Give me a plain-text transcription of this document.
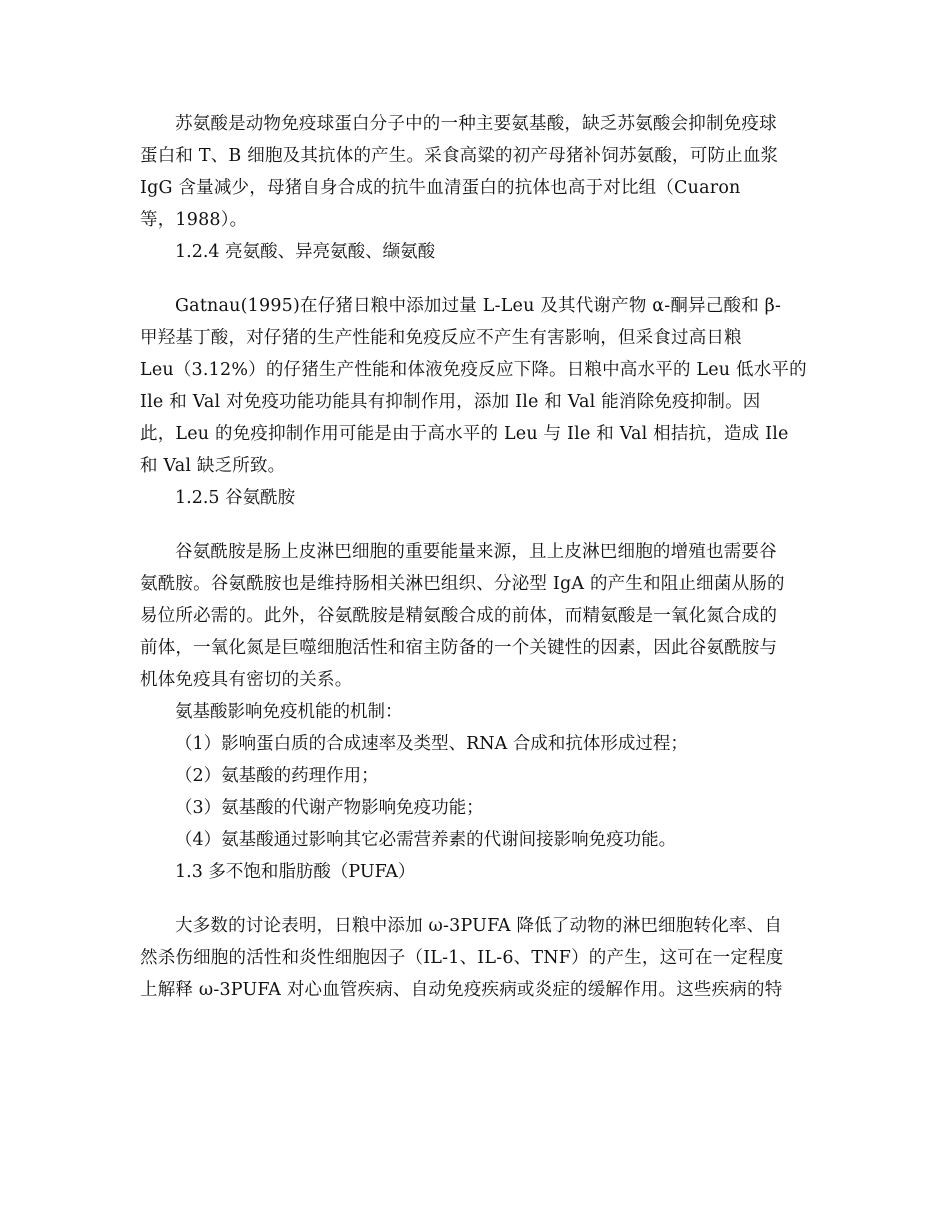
苏氨酸是动物免疫球蛋白分子中的一种主要氨基酸，缺乏苏氨酸会抑制免疫球
蛋白和 T、B 细胞及其抗体的产生。采食高粱的初产母猪补饲苏氨酸，可防止血浆
IgG 含量减少，母猪自身合成的抗牛血清蛋白的抗体也高于对比组（Cuaron
等，1988）。

1.2.4 亮氨酸、异亮氨酸、缬氨酸

Gatnau(1995)在仔猪日粮中添加过量 L-Leu 及其代谢产物 α-酮异己酸和 β-
甲羟基丁酸，对仔猪的生产性能和免疫反应不产生有害影响，但采食过高日粮
Leu（3.12%）的仔猪生产性能和体液免疫反应下降。日粮中高水平的 Leu 低水平的
Ile 和 Val 对免疫功能功能具有抑制作用，添加 Ile 和 Val 能消除免疫抑制。因
此，Leu 的免疫抑制作用可能是由于高水平的 Leu 与 Ile 和 Val 相拮抗，造成 Ile
和 Val 缺乏所致。

1.2.5 谷氨酰胺

谷氨酰胺是肠上皮淋巴细胞的重要能量来源，且上皮淋巴细胞的增殖也需要谷
氨酰胺。谷氨酰胺也是维持肠相关淋巴组织、分泌型 IgA 的产生和阻止细菌从肠的
易位所必需的。此外，谷氨酰胺是精氨酸合成的前体，而精氨酸是一氧化氮合成的
前体，一氧化氮是巨噬细胞活性和宿主防备的一个关键性的因素，因此谷氨酰胺与
机体免疫具有密切的关系。

氨基酸影响免疫机能的机制：

（1）影响蛋白质的合成速率及类型、RNA 合成和抗体形成过程；

（2）氨基酸的药理作用；

（3）氨基酸的代谢产物影响免疫功能；

（4）氨基酸通过影响其它必需营养素的代谢间接影响免疫功能。

1.3 多不饱和脂肪酸（PUFA）

大多数的讨论表明，日粮中添加 ω-3PUFA 降低了动物的淋巴细胞转化率、自
然杀伤细胞的活性和炎性细胞因子（IL-1、IL-6、TNF）的产生，这可在一定程度
上解释 ω-3PUFA 对心血管疾病、自动免疫疾病或炎症的缓解作用。这些疾病的特
